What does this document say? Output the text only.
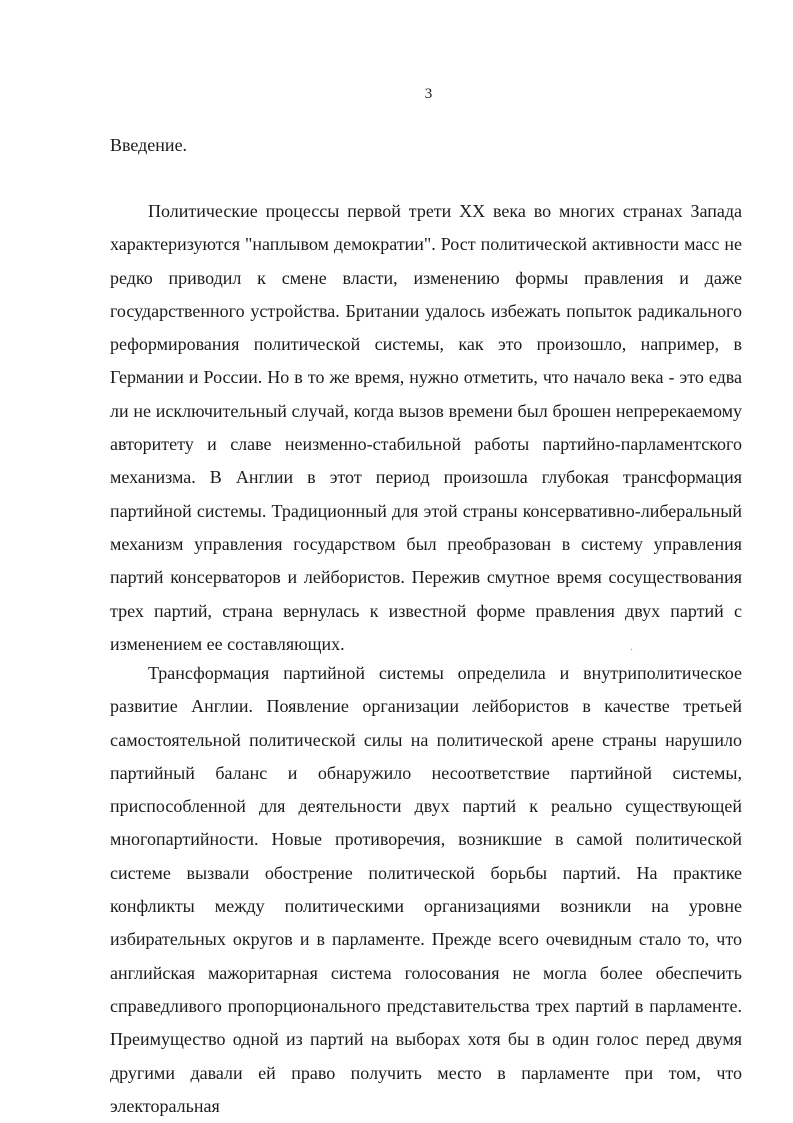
3
Введение.

Политические процессы первой трети XX века во многих странах Запада характеризуются "наплывом демократии". Рост политической активности масс не редко приводил к смене власти, изменению формы правления и даже государственного устройства. Британии удалось избежать попыток радикального реформирования политической системы, как это произошло, например, в Германии и России. Но в то же время, нужно отметить, что начало века - это едва ли не исключительный случай, когда вызов времени был брошен непререкаемому авторитету и славе неизменно-стабильной работы партийно-парламентского механизма. В Англии в этот период произошла глубокая трансформация партийной системы. Традиционный для этой страны консервативно-либеральный механизм управления государством был преобразован в систему управления партий консерваторов и лейбористов. Пережив смутное время сосуществования трех партий, страна вернулась к известной форме правления двух партий с изменением ее составляющих.	·

Трансформация партийной системы определила и внутриполитическое развитие Англии. Появление организации лейбористов в качестве третьей самостоятельной политической силы на политической арене страны нарушило партийный баланс и обнаружило несоответствие партийной системы, приспособленной для деятельности двух партий к реально существующей многопартийности. Новые противоречия, возникшие в самой политической системе вызвали обострение политической борьбы партий. На практике конфликты между политическими организациями возникли на уровне избирательных округов и в парламенте. Прежде всего очевидным стало то, что английская мажоритарная система голосования не могла более обеспечить справедливого пропорционального представительства трех партий в парламенте. Преимущество одной из партий на выборах хотя бы в один голос перед двумя другими давали ей право получить место в парламенте при том, что электоральная
